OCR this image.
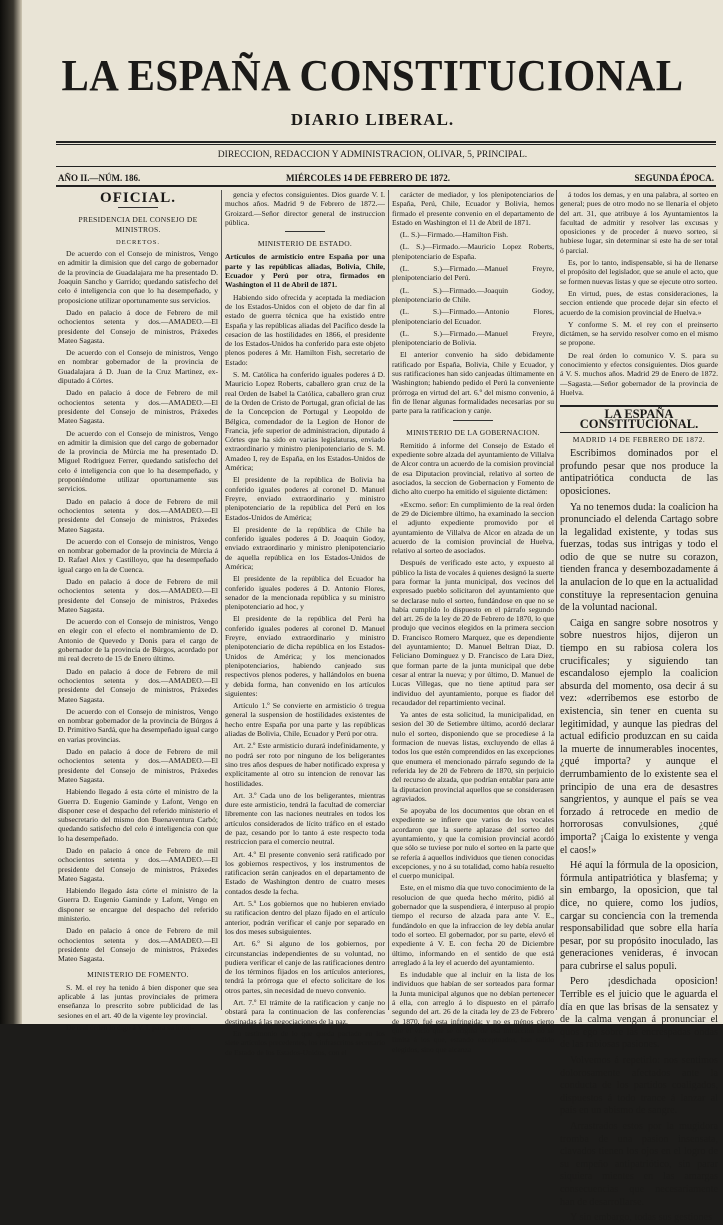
LA ESPAÑA CONSTITUCIONAL
DIARIO LIBERAL.
DIRECCION, REDACCION Y ADMINISTRACION, OLIVAR, 5, PRINCIPAL.
AÑO II.—NÚM. 186.	MIÉRCOLES 14 DE FEBRERO DE 1872.	SEGUNDA ÉPOCA.
OFICIAL.
PRESIDENCIA DEL CONSEJO DE MINISTROS.
DECRETOS.

De acuerdo con el Consejo de ministros, Vengo en admitir la dimision que del cargo de gobernador de la provincia de Guadalajara me ha presentado D. Joaquin Sancho y Garrido; quedando satisfecho del celo é inteligencia con que lo ha desempeñado, y proposicione utilizar oportunamente sus servicios.

Dado en palacio á doce de Febrero de mil ochocientos setenta y dos.—AMADEO.—El presidente del Consejo de ministros, Práxedes Mateo Sagasta.

De acuerdo con el Consejo de ministros, Vengo en nombrar gobernador de la provincia de Guadalajara á D. Juan de la Cruz Martinez, ex-diputado á Córtes.

Dado en palacio á doce de Febrero de mil ochocientos setenta y dos.—AMADEO.—El presidente del Consejo de ministros, Práxedes Mateo Sagasta.

De acuerdo con el Consejo de ministros, Vengo en admitir la dimision que del cargo de gobernador de la provincia de Múrcia me ha presentado D. Miguel Rodriguez Ferrer, quedando satisfecho del celo é inteligencia con que lo ha desempeñado, y proponiéndome utilizar oportunamente sus servicios.

Dado en palacio á doce de Febrero de mil ochocientos setenta y dos.—AMADEO.—El presidente del Consejo de ministros, Práxedes Mateo Sagasta.

De acuerdo con el Consejo de ministros, Vengo en nombrar gobernador de la provincia de Múrcia á D. Rafael Alex y Castilloyo, que ha desempeñado igual cargo en la de Cuenca.

Dado en palacio á doce de Febrero de mil ochocientos setenta y dos.—AMADEO.—El presidente del Consejo de ministros, Práxedes Mateo Sagasta.

De acuerdo con el Consejo de ministros, Vengo en elegir con el efecto el nombramiento de D. Antonio de Quevedo y Donis para el cargo de gobernador de la provincia de Búrgos, acordado por mi real decreto de 15 de Enero último.

Dado en palacio á doce de Febrero de mil ochocientos setenta y dos.—AMADEO.—El presidente del Consejo de ministros, Práxedes Mateo Sagasta.

De acuerdo con el Consejo de ministros, Vengo en nombrar gobernador de la provincia de Búrgos á D. Primitivo Sardá, que ha desempeñado igual cargo en varias provincias.

Dado en palacio á doce de Febrero de mil ochocientos setenta y dos.—AMADEO.—El presidente del Consejo de ministros, Práxedes Mateo Sagasta.

Habiendo llegado á esta córte el ministro de la Guerra D. Eugenio Gaminde y Lafont, Vengo en disponer cese el despacho del referido ministerio el subsecretario del mismo don Buenaventura Carbó; quedando satisfecho del celo é inteligencia con que lo ha desempeñado.

Dado en palacio á once de Febrero de mil ochocientos setenta y dos.—AMADEO.—El presidente del Consejo de ministros, Práxedes Mateo Sagasta.

Habiendo llegado ásta córte el ministro de la Guerra D. Eugenio Gaminde y Lafont, Vengo en disponer se encargue del despacho del referido ministerio.

Dado en palacio á once de Febrero de mil ochocientos setenta y dos.—AMADEO.—El presidente del Consejo de ministros, Práxedes Mateo Sagasta.

MINISTERIO DE FOMENTO.

S. M. el rey ha tenido á bien disponer que sea aplicable á las juntas provinciales de primera enseñanza lo prescrito sobre publicidad de las sesiones en el art. 40 de la vigente ley provincial.

De real órden lo digo á V. I. para su inteli-

gencia y efectos consiguientes. Dios guarde V. I. muchos años. Madrid 9 de Febrero de 1872.—Groizard.—Señor director general de instruccion pública.

MINISTERIO DE ESTADO.

Artículos de armisticio entre España por una parte y las repúblicas aliadas, Bolivia, Chile, Ecuador y Perú por otra, firmados en Washington el 11 de Abril de 1871.

Habiendo sido ofrecida y aceptada la mediacion de los Estados-Unidos con el objeto de dar fin al estado de guerra técnica que ha existido entre España y las repúblicas aliadas del Pacífico desde la cesacion de las hostilidades en 1866, el presidente de los Estados-Unidos ha conferido para este objeto plenos poderes á Mr. Hamilton Fish, secretario de Estado:

S. M. Católica ha conferido iguales poderes á D. Mauricio Lopez Roberts, caballero gran cruz de la real Orden de Isabel la Católica, caballero gran cruz de la Orden de Cristo de Portugal, gran oficial de las de la Concepcion de Portugal y Leopoldo de Bélgica, comendador de la Legion de Honor de Francia, jefe superior de administracion, diputado á Córtes que ha sido en varias legislaturas, enviado extraordinario y ministro plenipotenciario de S. M. Amadeo I, rey de España, en los Estados-Unidos de América;

El presidente de la república de Bolivia ha conferido iguales poderes al coronel D. Manuel Freyre, enviado extraordinario y ministro plenipotenciario de la república del Perú en los Estados-Unidos de América;

El presidente de la república de Chile ha conferido iguales poderes á D. Joaquin Godoy, enviado extraordinario y ministro plenipotenciario de aquella república en los Estados-Unidos de América;

El presidente de la república del Ecuador ha conferido iguales poderes á D. Antonio Flores, senador de la mencionada república y su ministro plenipotenciario ad hoc, y

El presidente de la república del Perú ha conferido iguales poderes al coronel D. Manuel Freyre, enviado extraordinario y ministro plenipotenciario de dicha república en los Estados-Unidos de América; y los mencionados plenipotenciarios, habiendo canjeado sus respectivos plenos poderes, y hallándolos en buena y debida forma, han convenido en los artículos siguientes:

Artículo 1.º Se convierte en armisticio ó tregua general la suspension de hostilidades existentes de hecho entre España por una parte y las repúblicas aliadas de Bolivia, Chile, Ecuador y Perú por otra.

Art. 2.º Este armisticio durará indefinidamente, y no podrá ser roto por ninguno de los beligerantes sino tres años despues de haber notificado expresa y explícitamente al otro su intencion de renovar las hostilidades.

Art. 3.º Cada uno de los beligerantes, mientras dure este armisticio, tendrá la facultad de comerciar libremente con las naciones neutrales en todos los artículos considerados de lícito tráfico en el estado de paz, cesando por lo tanto á este respecto toda restriccion para el comercio neutral.

Art. 4.º El presente convenio será ratificado por los gobiernos respectivos, y los instrumentos de ratificacion serán canjeados en el departamento de Estado de Washington dentro de cuatro meses contados desde la fecha.

Art. 5.º Los gobiernos que no hubieren enviado su ratificacion dentro del plazo fijado en el artículo anterior, podrán verificar el canje por separado en los dos meses subsiguientes.

Art. 6.º Si alguno de los gobiernos, por circunstancias independientes de su voluntad, no pudiera verificar el canje de las ratificaciones dentro de los términos fijados en los artículos anteriores, tendrá la prórroga que el efecto solicitare de los otros partes, sin necesidad de nuevo convenio.

Art. 7.º El trámite de la ratificacion y canje no obstará para la continuacion de las conferencias destinadas á las negociaciones de la paz.

En testimonio de lo que queda pactado en los siete artículos precedentes, los infrascritos secretario de Estado de los Estados-Unidos, con el

carácter de mediador, y los plenipotenciarios de España, Perú, Chile, Ecuador y Bolivia, hemos firmado el presente convenio en el departamento de Estado en Washington el 11 de Abril de 1871.

(L. S.)—Firmado.—Hamilton Fish.

(L. S.)—Firmado.—Mauricio Lopez Roberts, plenipotenciario de España.

(L. S.)—Firmado.—Manuel Freyre, plenipotenciario del Perú.

(L. S.)—Firmado.—Joaquin Godoy, plenipotenciario de Chile.

(L. S.)—Firmado.—Antonio Flores, plenipotenciario del Ecuador.

(L. S.)—Firmado.—Manuel Freyre, plenipotenciario de Bolivia.

El anterior convenio ha sido debidamente ratificado por España, Bolivia, Chile y Ecuador, y sus ratificaciones han sido canjeadas últimamente en Washington; habiendo pedido el Perú la conveniente prórroga en virtud del art. 6.º del mismo convenio, á fin de llenar algunas formalidades necesarias por su parte para la ratificacion y canje.

MINISTERIO DE LA GOBERNACION.

Remitido á informe del Consejo de Estado el expediente sobre alzada del ayuntamiento de Villalva de Alcor contra un acuerdo de la comision provincial de esa Diputacion provincial, relativo al sorteo de asociados, la seccion de Gobernacion y Fomento de dicho alto cuerpo ha emitido el siguiente dictámen:

«Excmo. señor: En cumplimiento de la real órden de 29 de Diciembre último, ha examinado la seccion el adjunto expediente promovido por el ayuntamiento de Villalva de Alcor en alzada de un acuerdo de la comision provincial de Huelva, relativo al sorteo de asociados.

Después de verificado este acto, y expuesto al público la lista de vocales á quienes designó la suerte para formar la junta municipal, dos vecinos del expresado pueblo solicitaron del ayuntamiento que se declarase nulo el sorteo, fundándose en que no se había cumplido lo dispuesto en el párrafo segundo del art. 26 de la ley de 20 de Febrero de 1870, lo que produjo que vecinos elegidos en la primera seccion D. Francisco Romero Marquez, que es dependiente del ayuntamiento; D. Manuel Beltran Diaz, D. Feliciano Dominguez y D. Francisco de Lara Diez, que forman parte de la junta municipal que debe cesar al entrar la nueva; y por último, D. Manuel de Lucas Villegas, que no tiene aptitud para ser individuo del ayuntamiento, porque es fiador del recaudador del repartimiento vecinal.

Ya antes de esta solicitud, la municipalidad, en sesion del 30 de Setiembre último, acordó declarar nulo el sorteo, disponiendo que se procediese á la formacion de nuevas listas, excluyendo de ellas á todos los que estén comprendidos en las excepciones que enumera el mencionado párrafo segundo de la referida ley de 20 de Febrero de 1870, sin perjuicio del recurso de alzada, que podrían entablar para ante la diputacion provincial aquellos que se considerasen agraviados.

Se apoyaba de los documentos que obran en el expediente se infiere que varios de los vocales acordaron que la suerte aplazase del sorteo del ayuntamiento, y que la comision provincial acordó que sólo se tuviese por nulo el sorteo en la parte que se refería á aquellos individuos que tienen conocidas excepciones, y no á su totalidad, como había resuelto el cuerpo municipal.

Este, en el mismo día que tuvo conocimiento de la resolucion de que queda hecho mérito, pidió al gobernador que la suspendiera, é interpuso al propio tiempo el recurso de alzada para ante V. E., fundándolo en que la infraccion de ley debía anular todo el sorteo. El gobernador, por su parte, elevó el expediente á V. E. con fecha 20 de Diciembre último, informando en el sentido de que está arreglado á la ley el acuerdo del ayuntamiento.

Es indudable que al incluir en la lista de los individuos que habían de ser sorteados para formar la Junta municipal algunos que no debían pertenecer á ella, con arreglo á lo dispuesto en el párrafo segundo del art. 26 de la citada ley de 23 de Febrero de 1870, fué esta infringida; y no es ménos cierto que el vicio que se origina de esa infraccion no se limita á los que, estando exceptuados, han salido elegidos, sino que alcanza

á todos los demas, y en una palabra, al sorteo en general; pues de otro modo no se llenaría el objeto del art. 31, que atribuye á los Ayuntamientos la facultad de admitir y resolver las excusas y oposiciones y de proceder á nuevo sorteo, si hubiese lugar, sin determinar si este ha de ser total ó parcial.

Es, por lo tanto, indispensable, si ha de llenarse el propósito del legislador, que se anule el acto, que se formen nuevas listas y que se ejecute otro sorteo.

En virtud, pues, de estas consideraciones, la seccion entiende que procede dejar sin efecto el acuerdo de la comision provincial de Huelva.»

Y conforme S. M. el rey con el preinserto dictámen, se ha servido resolver como en el mismo se propone.

De real órden lo comunico V. S. para su conocimiento y efectos consiguientes. Dios guarde á V. S. muchos años. Madrid 29 de Enero de 1872.—Sagasta.—Señor gobernador de la provincia de Huelva.

LA ESPAÑA CONSTITUCIONAL.
MADRID 14 DE FEBRERO DE 1872.

Escribimos dominados por el profundo pesar que nos produce la antipatriótica conducta de las oposiciones.

Ya no tenemos duda: la coalicion ha pronunciado el delenda Cartago sobre la legalidad existente, y todas sus fuerzas, todas sus intrigas y todo el odio de que se nutre su corazon, tienden franca y desembozadamente á la anulacion de lo que en la actualidad constituye la representacion genuina de la voluntad nacional.

Caiga en sangre sobre nosotros y sobre nuestros hijos, dijeron un tiempo en su rabiosa colera los crucificales; y siguiendo tan escandaloso ejemplo la coalicion absurda del momento, osa decir á su vez: «derribemos ese estorbo de existencia, sin tener en cuenta su legitimidad, y aunque las piedras del actual edificio produzcan en su caida la muerte de innumerables inocentes, ¿qué importa? y aunque el derrumbamiento de lo existente sea el principio de una era de desastres sangrientos, y aunque el país se vea forzado á retrocede en medio de horrorosas convulsiones, ¿qué importa? ¡Caiga lo existente y venga el caos!»

Hé aquí la fórmula de la oposicion, fórmula antipatriótica y blasfema; y sin embargo, la oposicion, que tal dice, no quiere, como los judíos, cargar su conciencia con la tremenda responsabilidad que sobre ella haría pesar, por su propósito inoculado, las generaciones venideras, é invocan para cubrirse el salus populi.

Pero ¡desdichada oposicion! Terrible es el juicio que le aguarda el día en que las brisas de la sensatez y de la calma vengan á pronunciar el quos ego sobre las encrespadas ondas de las rabiosas pasiones.

Volvemos á repetirlo: nos sentimos dolorosamente afectados ante la conducta de los partidos coaligados, dispuestos á todo trance á lanzar al país en un abismo de sangre.

Arrastrados estos por la mugidora tromba de una pasion insensata, clavados tienen los ojos en el logro de su empeño antipatriótico, sin parar siquiera mientes en las amargas consecuencias que necesariamente han de desarrollarse.

Y sin embargo, todas sus gestiones
